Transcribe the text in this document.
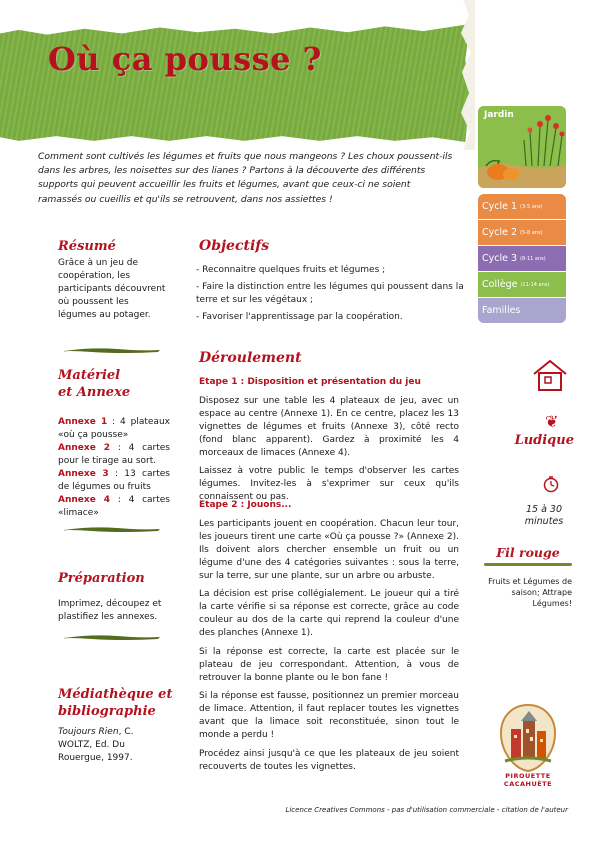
Où ça pousse ?

Comment sont cultivés les légumes et fruits que nous mangeons ? Les choux poussent-ils dans les arbres, les noisettes sur des lianes ? Partons à la découverte des différents supports qui peuvent accueillir les fruits et légumes, avant que ceux-ci ne soient ramassés ou cueillis et qu'ils se retrouvent, dans nos assiettes !

Jardin
Cycle 1 (3-5 ans)
Cycle 2 (5-8 ans)
Cycle 3 (8-11 ans)
Collège (11-14 ans)
Familles
❦
Ludique
15 à 30 minutes
Fil rouge
Fruits et Légumes de saison; Attrape Légumes!
PIROUETTE CACAHUÈTE
Résumé
Grâce à un jeu de coopération, les participants découvrent où poussent les légumes au potager.
Matériel
et Annexe
Annexe 1 : 4 plateaux «où ça pousse»
Annexe 2 : 4 cartes pour le tirage au sort.
Annexe 3 : 13 cartes de légumes ou fruits
Annexe 4 : 4 cartes «limace»
Préparation
Imprimez, découpez et plastifiez les annexes.
Médiathèque et
bibliographie
Toujours Rien, C. WOLTZ, Ed. Du Rouergue, 1997.
Objectifs
- Reconnaitre quelques fruits et légumes ;
- Faire la distinction entre les légumes qui poussent dans la terre et sur les végétaux ;
- Favoriser l'apprentissage par la coopération.
Déroulement
Etape 1 : Disposition et présentation du jeu

Disposez sur une table les 4 plateaux de jeu, avec un espace au centre (Annexe 1). En ce centre, placez les 13 vignettes de légumes et fruits (Annexe 3), côté recto (fond blanc apparent). Gardez à proximité les 4 morceaux de limaces (Annexe 4).

Laissez à votre public le temps d'observer les cartes légumes. Invitez-les à s'exprimer sur ceux qu'ils connaissent ou pas.

Etape 2 : Jouons...

Les participants jouent en coopération. Chacun leur tour, les joueurs tirent une carte «Où ça pousse ?» (Annexe 2). Ils doivent alors chercher ensemble un fruit ou un légume d'une des 4 catégories suivantes : sous la terre, sur la terre, sur une plante, sur un arbre ou arbuste.

La décision est prise collégialement. Le joueur qui a tiré la carte vérifie si sa réponse est correcte, grâce au code couleur au dos de la carte qui reprend la couleur d'une des planches (Annexe 1).

Si la réponse est correcte, la carte est placée sur le plateau de jeu correspondant. Attention, à vous de retrouver la bonne plante ou le bon fane !

Si la réponse est fausse, positionnez un premier morceau de limace. Attention, il faut replacer toutes les vignettes avant que la limace soit reconstituée, sinon tout le monde a perdu !

Procédez ainsi jusqu'à ce que les plateaux de jeu soient recouverts de toutes les vignettes.

Licence Creatives Commons - pas d'utilisation commerciale - citation de l'auteur
